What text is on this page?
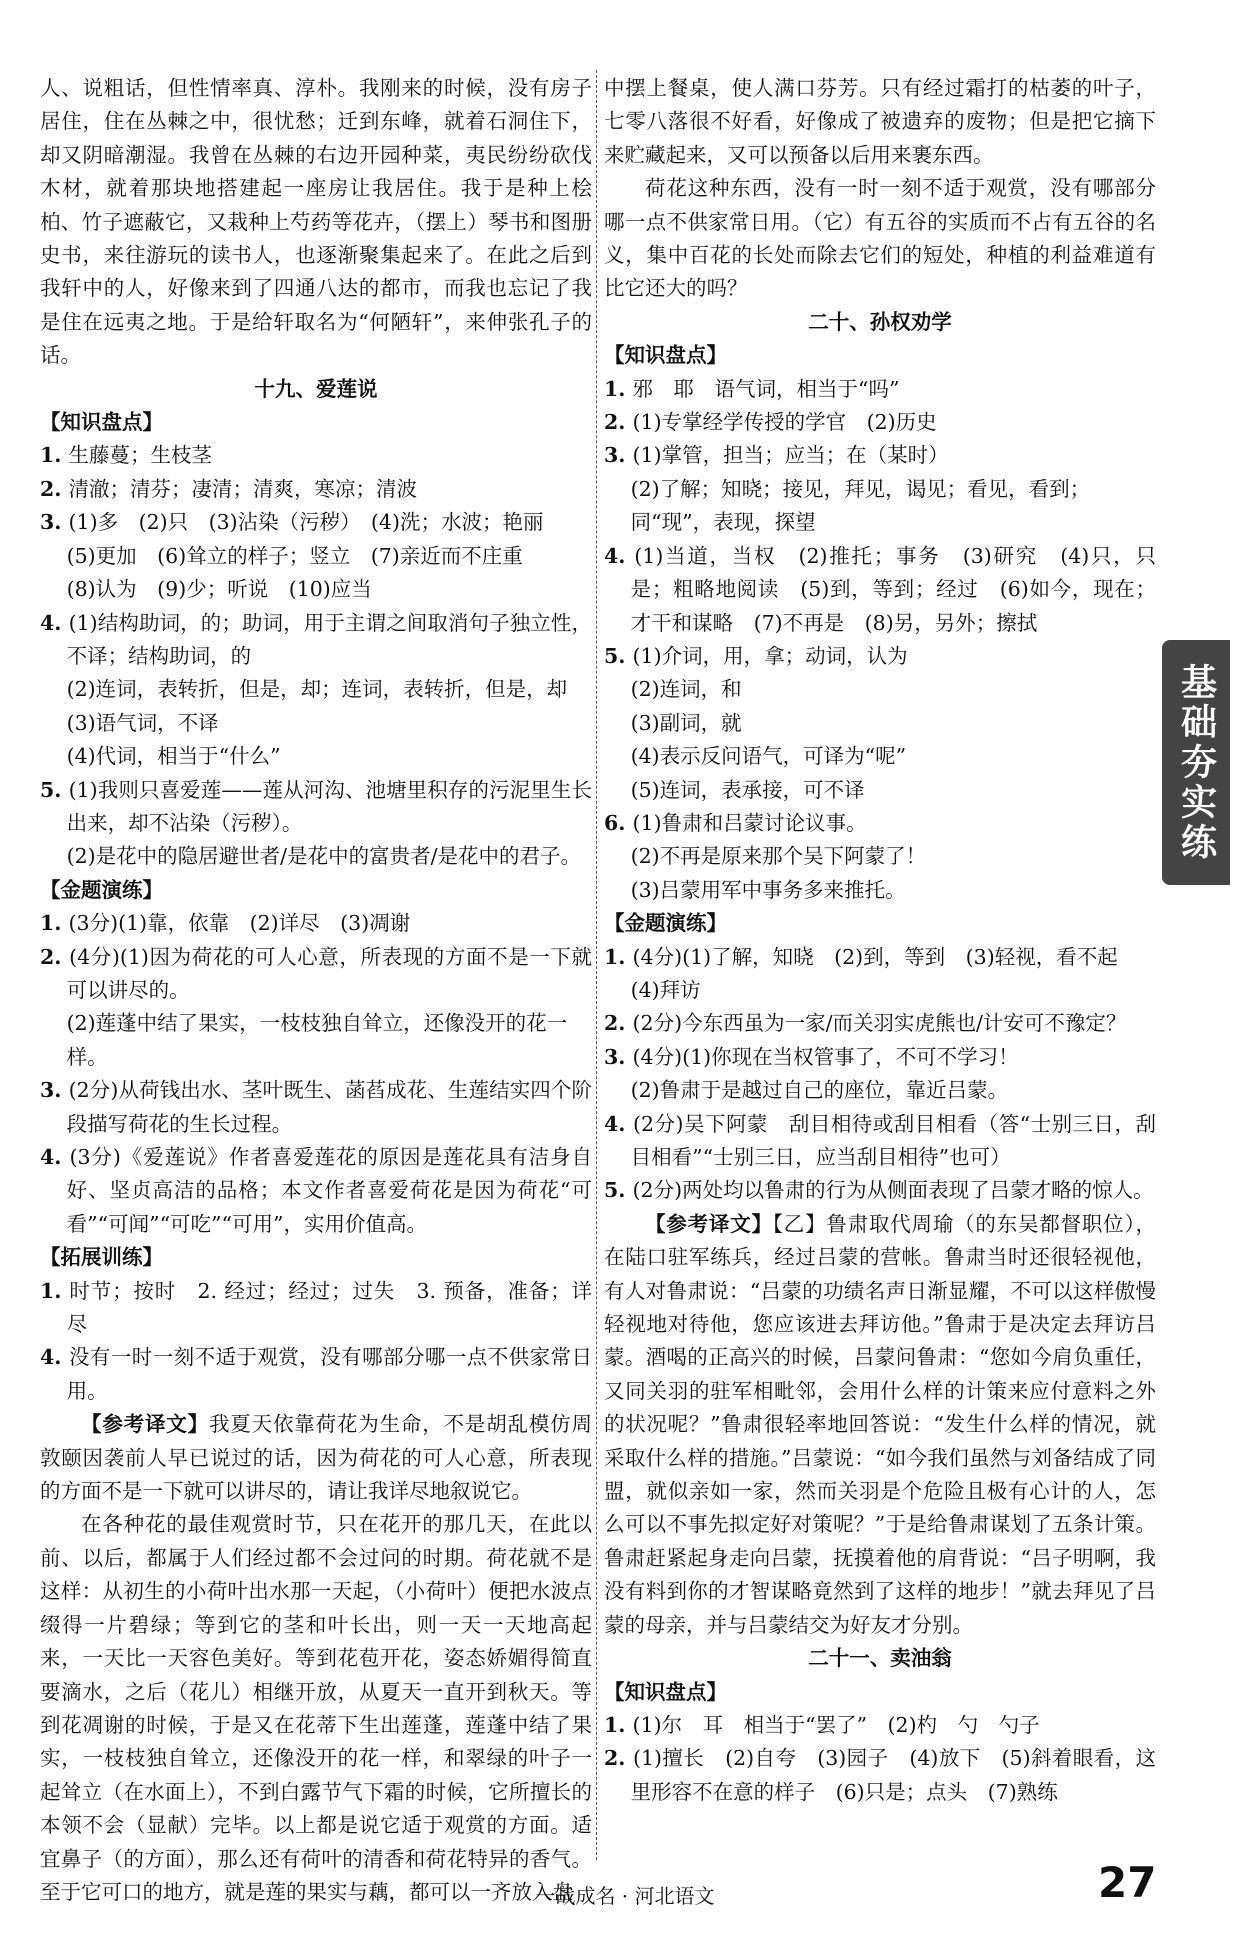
人、说粗话，但性情率真、淳朴。我刚来的时候，没有房子居住，住在丛棘之中，很忧愁；迁到东峰，就着石洞住下，却又阴暗潮湿。我曾在丛棘的右边开园种菜，夷民纷纷砍伐木材，就着那块地搭建起一座房让我居住。我于是种上桧柏、竹子遮蔽它，又栽种上芍药等花卉，（摆上）琴书和图册史书，来往游玩的读书人，也逐渐聚集起来了。在此之后到我轩中的人，好像来到了四通八达的都市，而我也忘记了我是住在远夷之地。于是给轩取名为“何陋轩”，来伸张孔子的话。
十九、爱莲说
【知识盘点】
1. 生藤蔓；生枝茎
2. 清澈；清芬；凄清；清爽，寒凉；清波
3. (1)多　(2)只　(3)沾染（污秽）　(4)洗；水波；艳丽
(5)更加　(6)耸立的样子；竖立　(7)亲近而不庄重
(8)认为　(9)少；听说　(10)应当
4. (1)结构助词，的；助词，用于主谓之间取消句子独立性，不译；结构助词，的
(2)连词，表转折，但是，却；连词，表转折，但是，却
(3)语气词，不译
(4)代词，相当于“什么”
5. (1)我则只喜爱莲——莲从河沟、池塘里积存的污泥里生长出来，却不沾染（污秽）。
(2)是花中的隐居避世者/是花中的富贵者/是花中的君子。
【金题演练】
1. (3分)(1)靠，依靠　(2)详尽　(3)凋谢
2. (4分)(1)因为荷花的可人心意，所表现的方面不是一下就可以讲尽的。
(2)莲蓬中结了果实，一枝枝独自耸立，还像没开的花一样。
3. (2分)从荷钱出水、茎叶既生、菡萏成花、生莲结实四个阶段描写荷花的生长过程。
4. (3分)《爱莲说》作者喜爱莲花的原因是莲花具有洁身自好、坚贞高洁的品格；本文作者喜爱荷花是因为荷花“可看”“可闻”“可吃”“可用”，实用价值高。
【拓展训练】
1. 时节；按时　2. 经过；经过；过失　3. 预备，准备；详尽
4. 没有一时一刻不适于观赏，没有哪部分哪一点不供家常日用。
【参考译文】我夏天依靠荷花为生命，不是胡乱模仿周敦颐因袭前人早已说过的话，因为荷花的可人心意，所表现的方面不是一下就可以讲尽的，请让我详尽地叙说它。
在各种花的最佳观赏时节，只在花开的那几天，在此以前、以后，都属于人们经过都不会过问的时期。荷花就不是这样：从初生的小荷叶出水那一天起，（小荷叶）便把水波点缀得一片碧绿；等到它的茎和叶长出，则一天一天地高起来，一天比一天容色美好。等到花苞开花，姿态娇媚得简直要滴水，之后（花儿）相继开放，从夏天一直开到秋天。等到花凋谢的时候，于是又在花蒂下生出莲蓬，莲蓬中结了果实，一枝枝独自耸立，还像没开的花一样，和翠绿的叶子一起耸立（在水面上），不到白露节气下霜的时候，它所擅长的本领不会（显献）完毕。以上都是说它适于观赏的方面。适宜鼻子（的方面），那么还有荷叶的清香和荷花特异的香气。至于它可口的地方，就是莲的果实与藕，都可以一齐放入盘
中摆上餐桌，使人满口芬芳。只有经过霜打的枯萎的叶子，七零八落很不好看，好像成了被遗弃的废物；但是把它摘下来贮藏起来，又可以预备以后用来裹东西。
荷花这种东西，没有一时一刻不适于观赏，没有哪部分哪一点不供家常日用。（它）有五谷的实质而不占有五谷的名义，集中百花的长处而除去它们的短处，种植的利益难道有比它还大的吗？
二十、孙权劝学
【知识盘点】
1. 邪　耶　语气词，相当于“吗”
2. (1)专掌经学传授的学官　(2)历史
3. (1)掌管，担当；应当；在（某时）
(2)了解；知晓；接见，拜见，谒见；看见，看到；同“现”，表现，探望
4. (1)当道，当权　(2)推托；事务　(3)研究　(4)只，只是；粗略地阅读　(5)到，等到；经过　(6)如今，现在；才干和谋略　(7)不再是　(8)另，另外；擦拭
5. (1)介词，用，拿；动词，认为
(2)连词，和
(3)副词，就
(4)表示反问语气，可译为“呢”
(5)连词，表承接，可不译
6. (1)鲁肃和吕蒙讨论议事。
(2)不再是原来那个吴下阿蒙了！
(3)吕蒙用军中事务多来推托。
【金题演练】
1. (4分)(1)了解，知晓　(2)到，等到　(3)轻视，看不起
(4)拜访
2. (2分)今东西虽为一家/而关羽实虎熊也/计安可不豫定？
3. (4分)(1)你现在当权管事了，不可不学习！
(2)鲁肃于是越过自己的座位，靠近吕蒙。
4. (2分)吴下阿蒙　刮目相待或刮目相看（答“士别三日，刮目相看”“士别三日，应当刮目相待”也可）
5. (2分)两处均以鲁肃的行为从侧面表现了吕蒙才略的惊人。
【参考译文】【乙】鲁肃取代周瑜（的东吴都督职位），在陆口驻军练兵，经过吕蒙的营帐。鲁肃当时还很轻视他，有人对鲁肃说：“吕蒙的功绩名声日渐显耀，不可以这样傲慢轻视地对待他，您应该进去拜访他。”鲁肃于是决定去拜访吕蒙。酒喝的正高兴的时候，吕蒙问鲁肃：“您如今肩负重任，又同关羽的驻军相毗邻，会用什么样的计策来应付意料之外的状况呢？”鲁肃很轻率地回答说：“发生什么样的情况，就采取什么样的措施。”吕蒙说：“如今我们虽然与刘备结成了同盟，就似亲如一家，然而关羽是个危险且极有心计的人，怎么可以不事先拟定好对策呢？”于是给鲁肃谋划了五条计策。鲁肃赶紧起身走向吕蒙，抚摸着他的肩背说：“吕子明啊，我没有料到你的才智谋略竟然到了这样的地步！”就去拜见了吕蒙的母亲，并与吕蒙结交为好友才分别。
二十一、卖油翁
【知识盘点】
1. (1)尔　耳　相当于“罢了”　(2)杓　勺　勺子
2. (1)擅长　(2)自夸　(3)园子　(4)放下　(5)斜着眼看，这里形容不在意的样子　(6)只是；点头　(7)熟练
基础夯实练
一战成名 · 河北语文	27
